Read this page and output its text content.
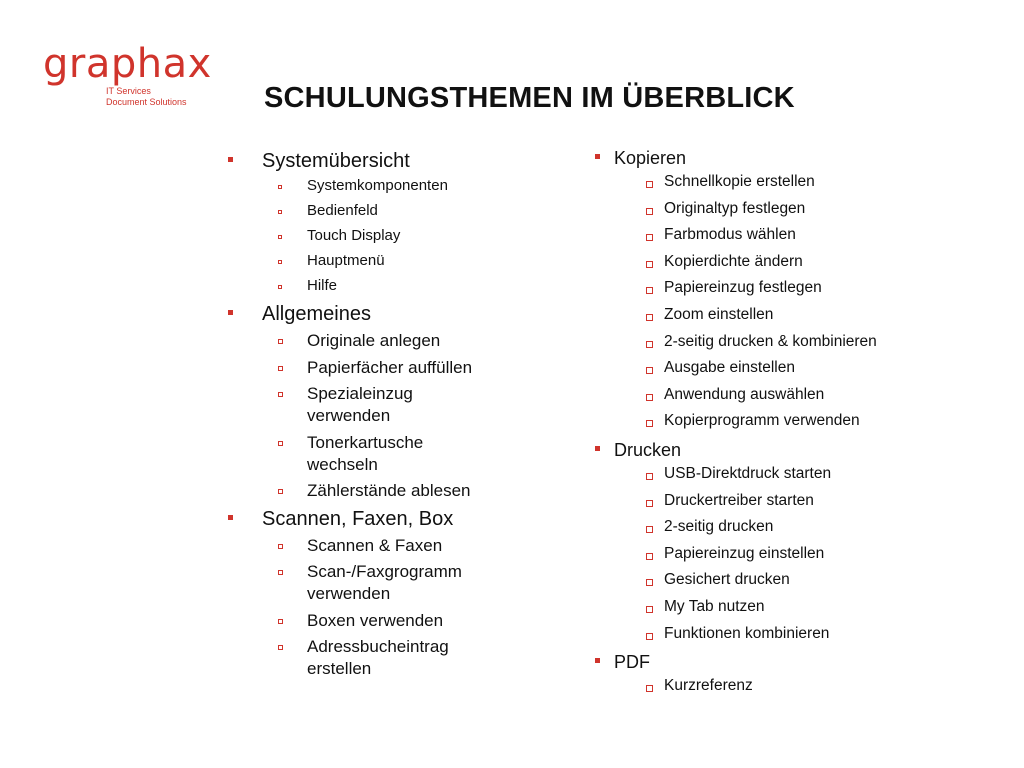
graphax
IT Services
Document Solutions	SCHULUNGSTHEMEN IM ÜBERBLICK
Systemübersicht
Systemkomponenten
Bedienfeld
Touch Display
Hauptmenü
Hilfe
Allgemeines
Originale anlegen
Papierfächer auffüllen
Spezialeinzug verwenden
Tonerkartusche wechseln
Zählerstände ablesen
Scannen, Faxen, Box
Scannen & Faxen
Scan-/Faxgrogramm verwenden
Boxen verwenden
Adressbucheintrag erstellen
Kopieren
Schnellkopie erstellen
Originaltyp festlegen
Farbmodus wählen
Kopierdichte ändern
Papiereinzug festlegen
Zoom einstellen
2-seitig drucken & kombinieren
Ausgabe einstellen
Anwendung auswählen
Kopierprogramm verwenden
Drucken
USB-Direktdruck starten
Druckertreiber starten
2-seitig drucken
Papiereinzug einstellen
Gesichert drucken
My Tab nutzen
Funktionen kombinieren
PDF
Kurzreferenz
